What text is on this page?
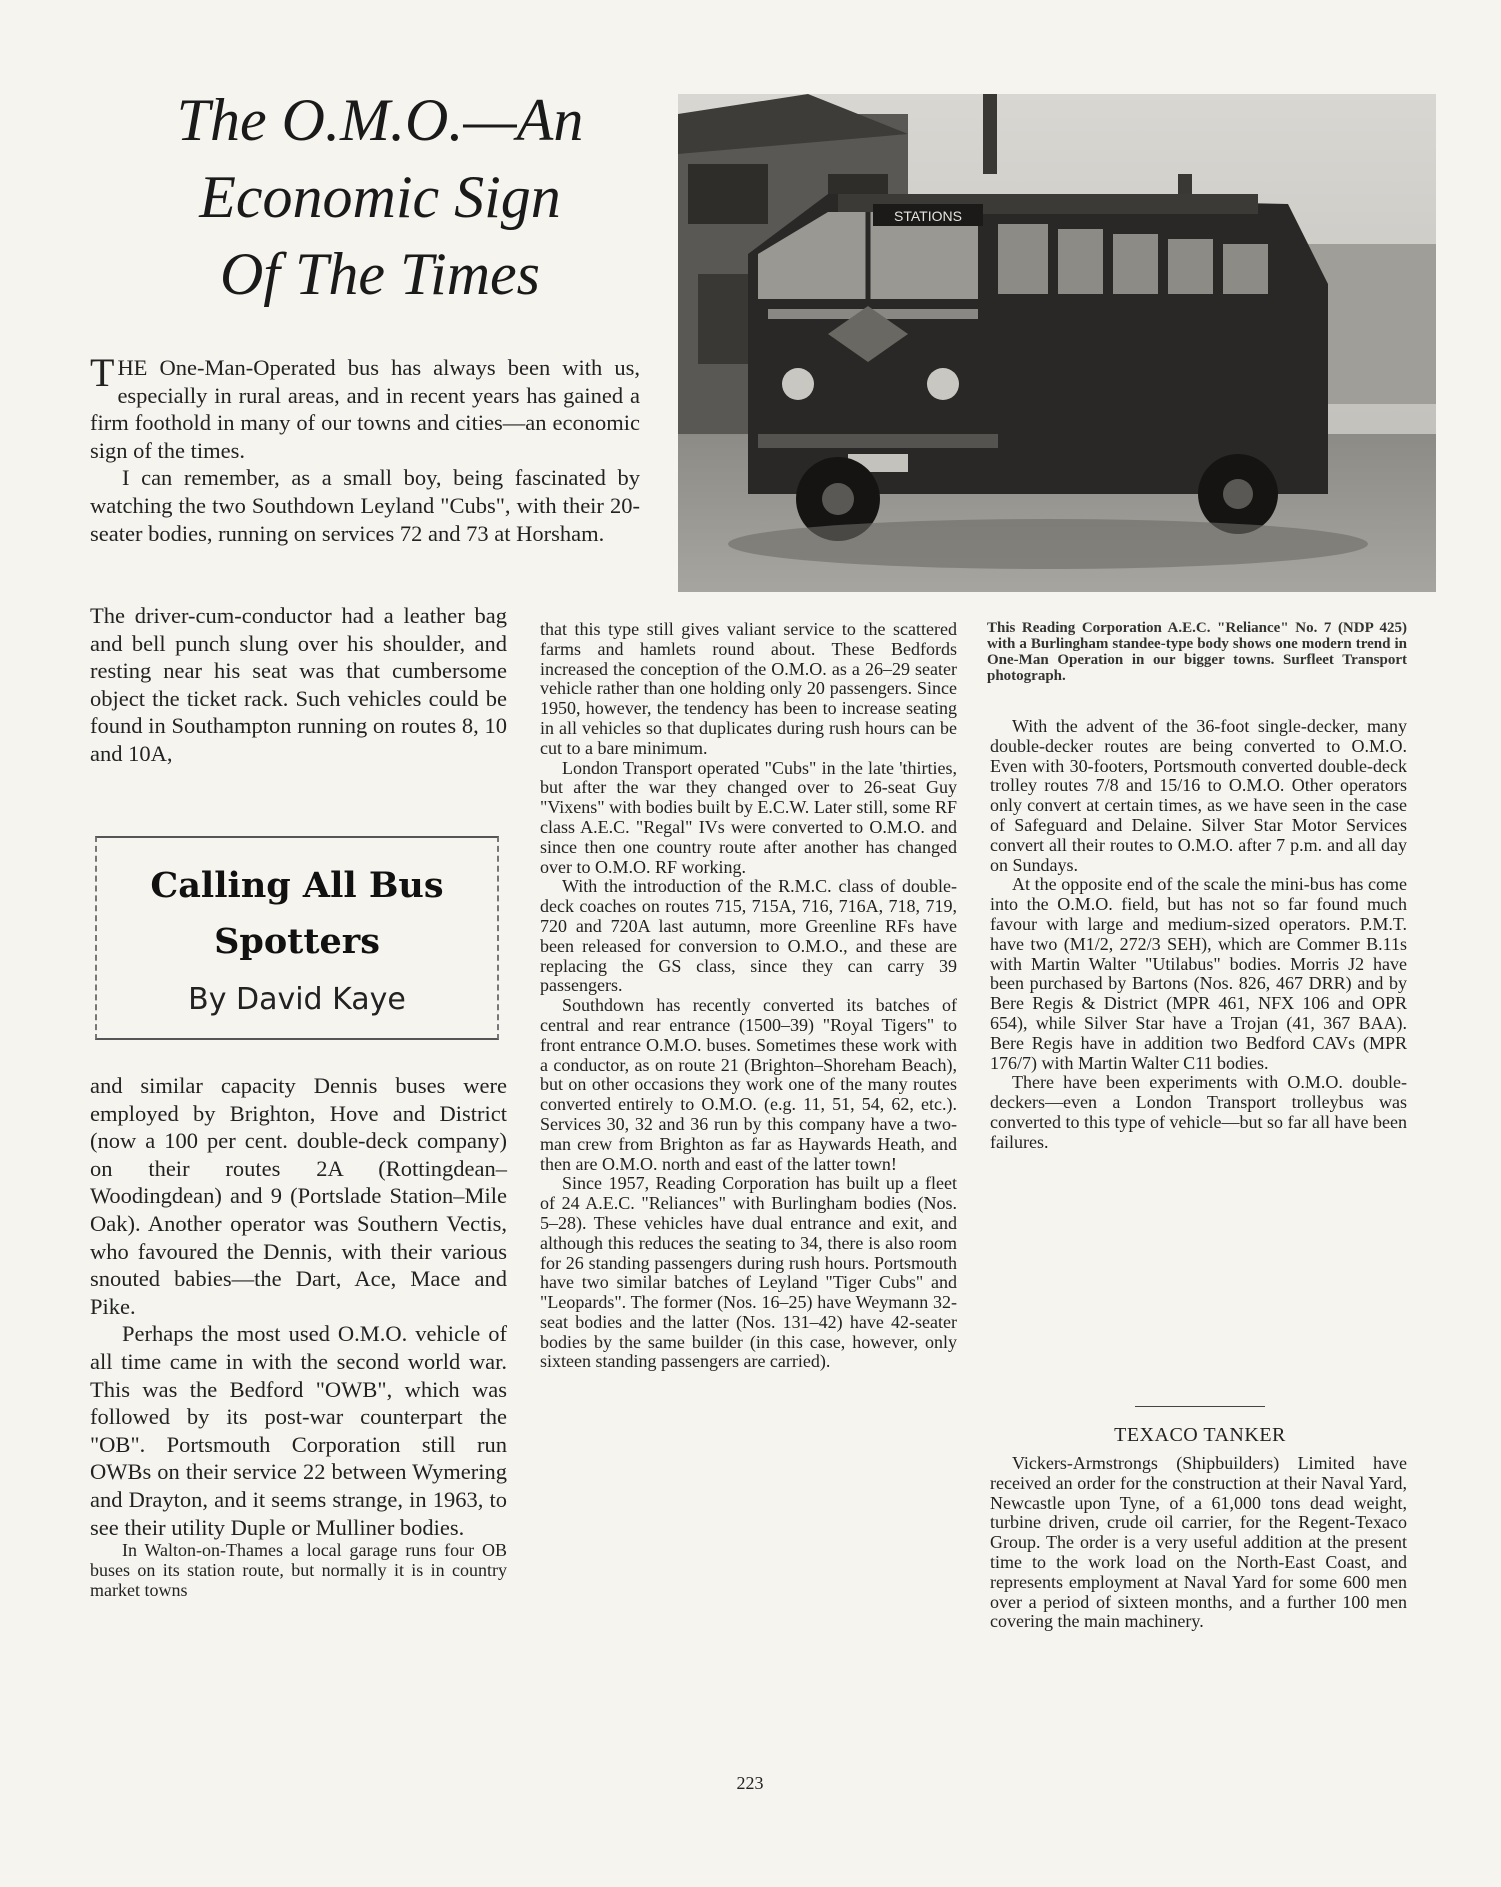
The O.M.O.—An
Economic Sign
Of The Times
STATIONS
This Reading Corporation A.E.C. "Reliance" No. 7 (NDP 425) with a Burlingham standee-type body shows one modern trend in One-Man Operation in our bigger towns. Surfleet Transport photograph.

THE One-Man-Operated bus has always been with us, especially in rural areas, and in recent years has gained a firm foothold in many of our towns and cities—an economic sign of the times.

I can remember, as a small boy, being fascinated by watching the two Southdown Leyland "Cubs", with their 20-seater bodies, running on services 72 and 73 at Horsham.

The driver-cum-conductor had a leather bag and bell punch slung over his shoulder, and resting near his seat was that cumbersome object the ticket rack. Such vehicles could be found in Southampton running on routes 8, 10 and 10A,
Calling All Bus
Spotters
By David Kaye

and similar capacity Dennis buses were employed by Brighton, Hove and District (now a 100 per cent. double-deck company) on their routes 2A (Rottingdean–Woodingdean) and 9 (Portslade Station–Mile Oak). Another operator was Southern Vectis, who favoured the Dennis, with their various snouted babies—the Dart, Ace, Mace and Pike.

Perhaps the most used O.M.O. vehicle of all time came in with the second world war. This was the Bedford "OWB", which was followed by its post-war counterpart the "OB". Portsmouth Corporation still run OWBs on their service 22 between Wymering and Drayton, and it seems strange, in 1963, to see their utility Duple or Mulliner bodies.

In Walton-on-Thames a local garage runs four OB buses on its station route, but normally it is in country market towns

that this type still gives valiant service to the scattered farms and hamlets round about. These Bedfords increased the conception of the O.M.O. as a 26–29 seater vehicle rather than one holding only 20 passengers. Since 1950, however, the tendency has been to increase seating in all vehicles so that duplicates during rush hours can be cut to a bare minimum.

London Transport operated "Cubs" in the late 'thirties, but after the war they changed over to 26-seat Guy "Vixens" with bodies built by E.C.W. Later still, some RF class A.E.C. "Regal" IVs were converted to O.M.O. and since then one country route after another has changed over to O.M.O. RF working.

With the introduction of the R.M.C. class of double-deck coaches on routes 715, 715A, 716, 716A, 718, 719, 720 and 720A last autumn, more Greenline RFs have been released for conversion to O.M.O., and these are replacing the GS class, since they can carry 39 passengers.

Southdown has recently converted its batches of central and rear entrance (1500–39) "Royal Tigers" to front entrance O.M.O. buses. Sometimes these work with a conductor, as on route 21 (Brighton–Shoreham Beach), but on other occasions they work one of the many routes converted entirely to O.M.O. (e.g. 11, 51, 54, 62, etc.). Services 30, 32 and 36 run by this company have a two-man crew from Brighton as far as Haywards Heath, and then are O.M.O. north and east of the latter town!

Since 1957, Reading Corporation has built up a fleet of 24 A.E.C. "Reliances" with Burlingham bodies (Nos. 5–28). These vehicles have dual entrance and exit, and although this reduces the seating to 34, there is also room for 26 standing passengers during rush hours. Portsmouth have two similar batches of Leyland "Tiger Cubs" and "Leopards". The former (Nos. 16–25) have Weymann 32-seat bodies and the latter (Nos. 131–42) have 42-seater bodies by the same builder (in this case, however, only sixteen standing passengers are carried).

With the advent of the 36-foot single-decker, many double-decker routes are being converted to O.M.O. Even with 30-footers, Portsmouth converted double-deck trolley routes 7/8 and 15/16 to O.M.O. Other operators only convert at certain times, as we have seen in the case of Safeguard and Delaine. Silver Star Motor Services convert all their routes to O.M.O. after 7 p.m. and all day on Sundays.

At the opposite end of the scale the mini-bus has come into the O.M.O. field, but has not so far found much favour with large and medium-sized operators. P.M.T. have two (M1/2, 272/3 SEH), which are Commer B.11s with Martin Walter "Utilabus" bodies. Morris J2 have been purchased by Bartons (Nos. 826, 467 DRR) and by Bere Regis & District (MPR 461, NFX 106 and OPR 654), while Silver Star have a Trojan (41, 367 BAA). Bere Regis have in addition two Bedford CAVs (MPR 176/7) with Martin Walter C11 bodies.

There have been experiments with O.M.O. double-deckers—even a London Transport trolleybus was converted to this type of vehicle—but so far all have been failures.

TEXACO TANKER
Vickers-Armstrongs (Shipbuilders) Limited have received an order for the construction at their Naval Yard, Newcastle upon Tyne, of a 61,000 tons dead weight, turbine driven, crude oil carrier, for the Regent-Texaco Group. The order is a very useful addition at the present time to the work load on the North-East Coast, and represents employment at Naval Yard for some 600 men over a period of sixteen months, and a further 100 men covering the main machinery.
223
